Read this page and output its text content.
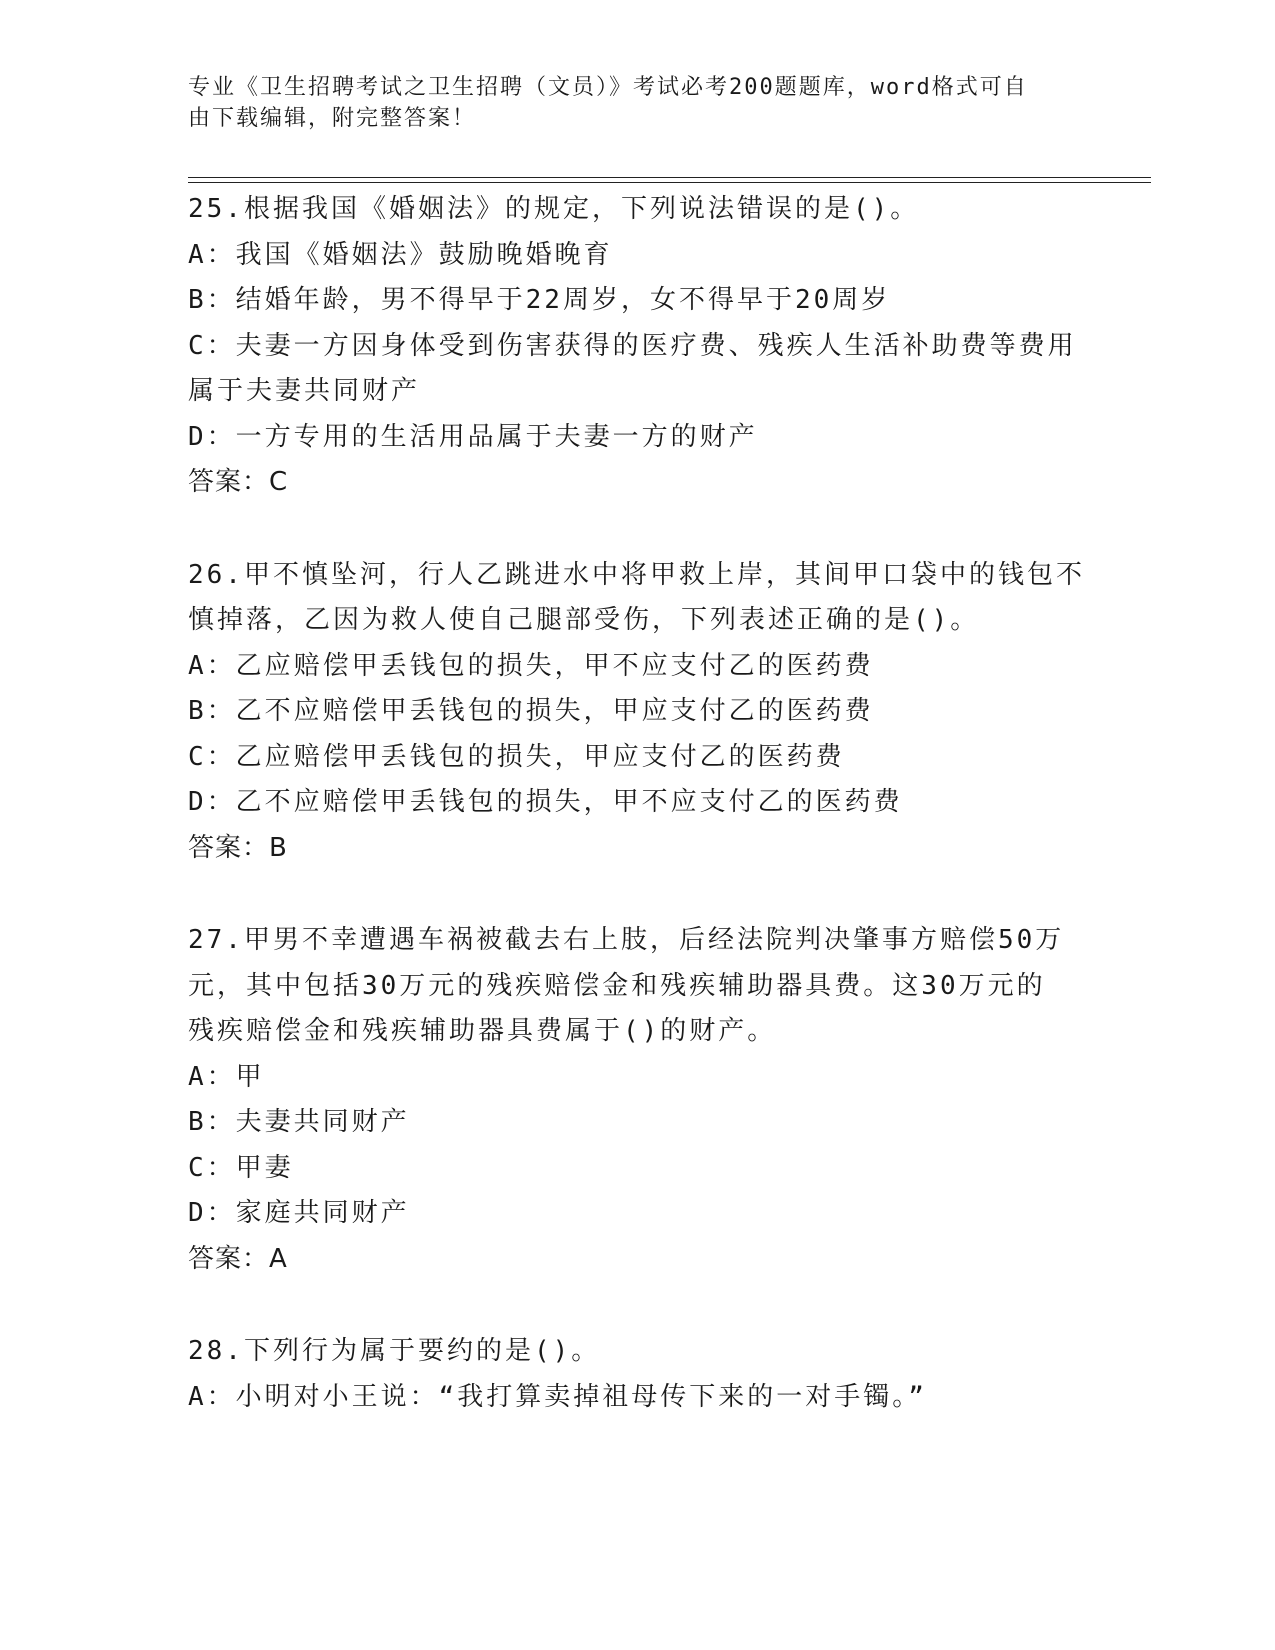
专业《卫生招聘考试之卫生招聘（文员）》考试必考200题题库，word格式可自
由下载编辑，附完整答案！

25.根据我国《婚姻法》的规定，下列说法错误的是()。

A：我国《婚姻法》鼓励晚婚晚育

B：结婚年龄，男不得早于22周岁，女不得早于20周岁

C：夫妻一方因身体受到伤害获得的医疗费、残疾人生活补助费等费用

属于夫妻共同财产

D：一方专用的生活用品属于夫妻一方的财产

答案：C

26.甲不慎坠河，行人乙跳进水中将甲救上岸，其间甲口袋中的钱包不

慎掉落，乙因为救人使自己腿部受伤，下列表述正确的是()。

A：乙应赔偿甲丢钱包的损失，甲不应支付乙的医药费

B：乙不应赔偿甲丢钱包的损失，甲应支付乙的医药费

C：乙应赔偿甲丢钱包的损失，甲应支付乙的医药费

D：乙不应赔偿甲丢钱包的损失，甲不应支付乙的医药费

答案：B

27.甲男不幸遭遇车祸被截去右上肢，后经法院判决肇事方赔偿50万

元，其中包括30万元的残疾赔偿金和残疾辅助器具费。这30万元的

残疾赔偿金和残疾辅助器具费属于()的财产。

A：甲

B：夫妻共同财产

C：甲妻

D：家庭共同财产

答案：A

28.下列行为属于要约的是()。

A：小明对小王说：“我打算卖掉祖母传下来的一对手镯。”
